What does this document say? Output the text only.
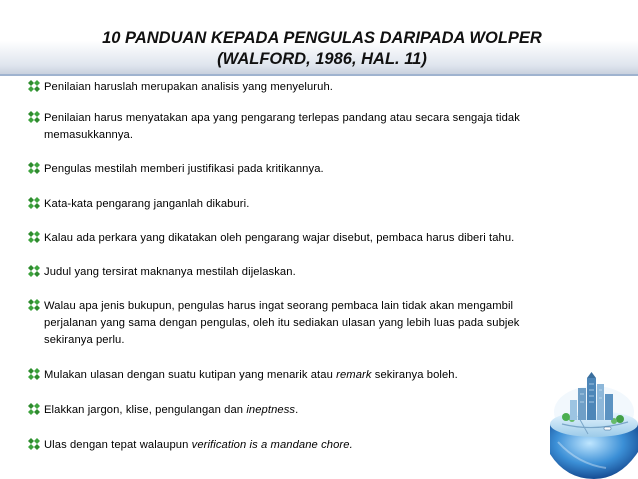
10 PANDUAN KEPADA PENGULAS DARIPADA WOLPER
(WALFORD, 1986, HAL. 11)
Penilaian haruslah merupakan analisis yang menyeluruh.
Penilaian harus menyatakan apa yang pengarang terlepas pandang atau secara sengaja tidak
memasukkannya.
Pengulas mestilah memberi justifikasi pada kritikannya.
Kata-kata pengarang janganlah dikaburi.
Kalau ada perkara yang dikatakan oleh pengarang wajar disebut, pembaca harus diberi tahu.
Judul yang tersirat maknanya mestilah dijelaskan.
Walau apa jenis bukupun, pengulas harus ingat seorang pembaca lain tidak akan mengambil
perjalanan yang sama dengan pengulas, oleh itu sediakan ulasan yang lebih luas pada subjek
sekiranya perlu.
Mulakan ulasan dengan suatu kutipan yang menarik atau remark sekiranya boleh.
Elakkan jargon, klise, pengulangan dan ineptness.
Ulas dengan tepat walaupun verification is a mandane chore.
